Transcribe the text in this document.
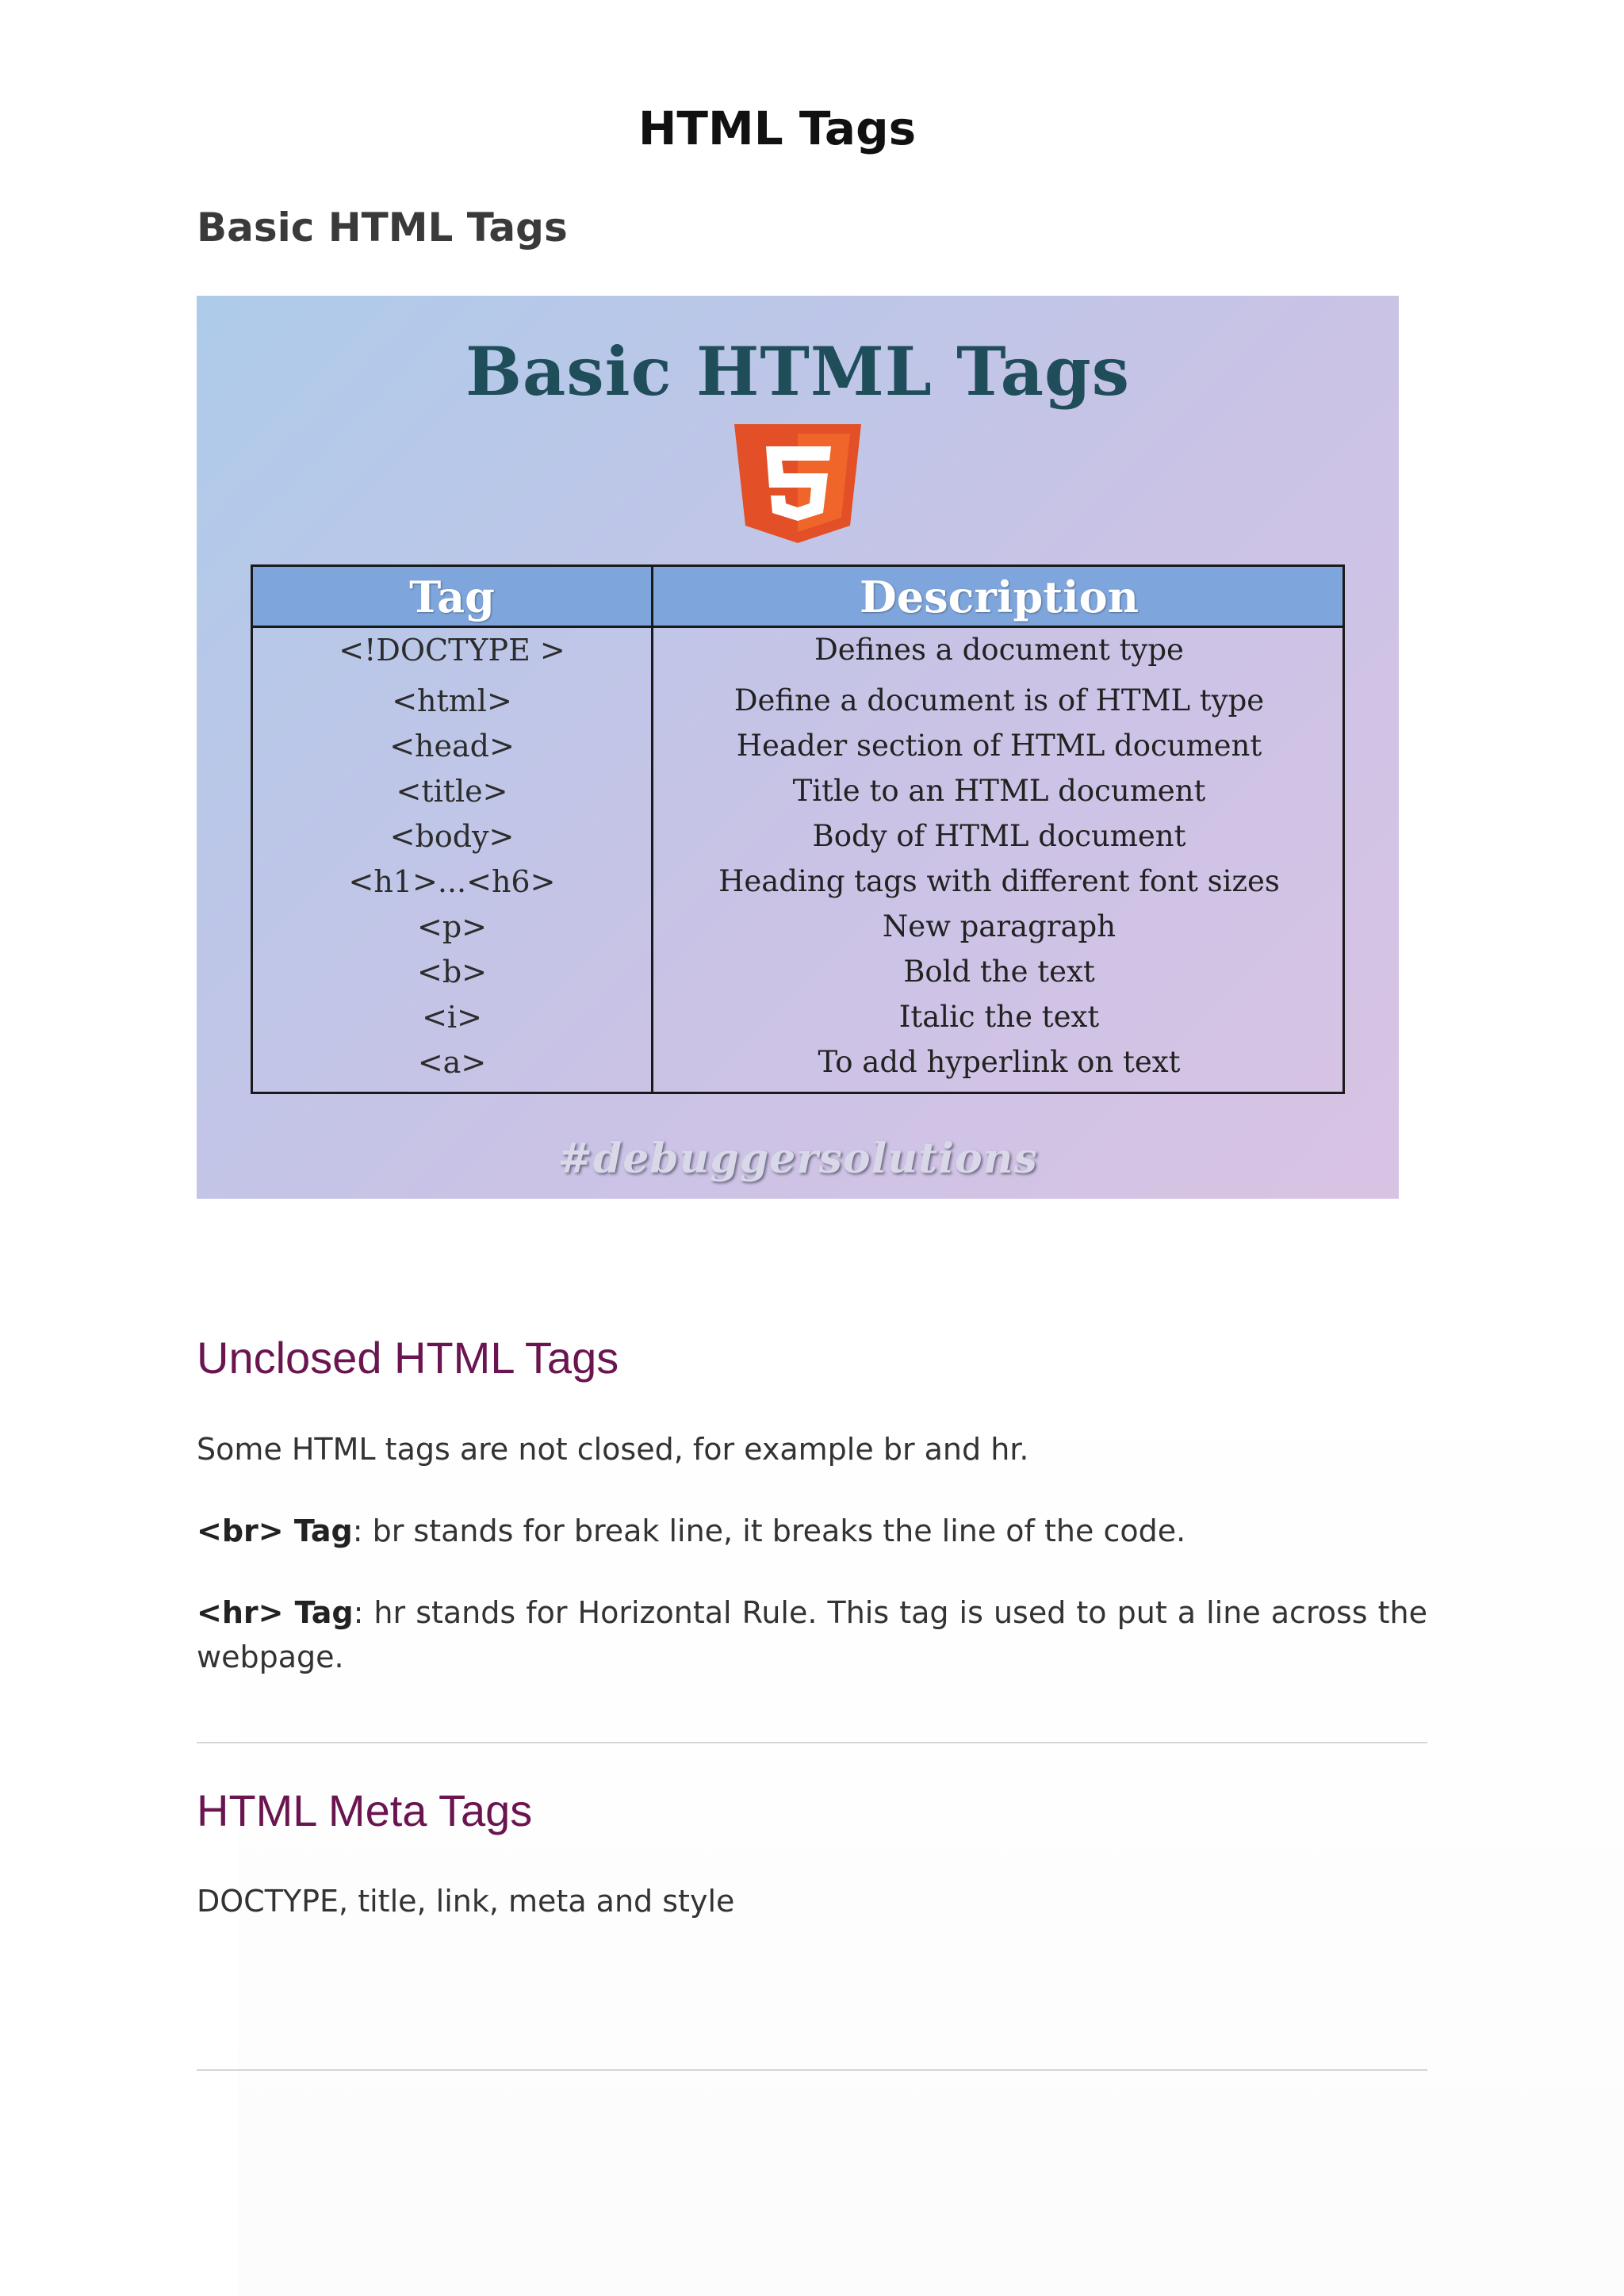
HTML Tags
Basic HTML Tags
Basic HTML Tags
Tag	Description
<!DOCTYPE >	Defines a document type
<html>	Define a document is of HTML type
<head>	Header section of HTML document
<title>	Title to an HTML document
<body>	Body of HTML document
<h1>...<h6>	Heading tags with different font sizes
<p>	New paragraph
<b>	Bold the text
<i>	Italic the text
<a>	To add hyperlink on text
#debuggersolutions
Unclosed HTML Tags

Some HTML tags are not closed, for example br and hr.

<br> Tag: br stands for break line, it breaks the line of the code.

<hr> Tag: hr stands for Horizontal Rule. This tag is used to put a line across the webpage.

HTML Meta Tags

DOCTYPE, title, link, meta and style
